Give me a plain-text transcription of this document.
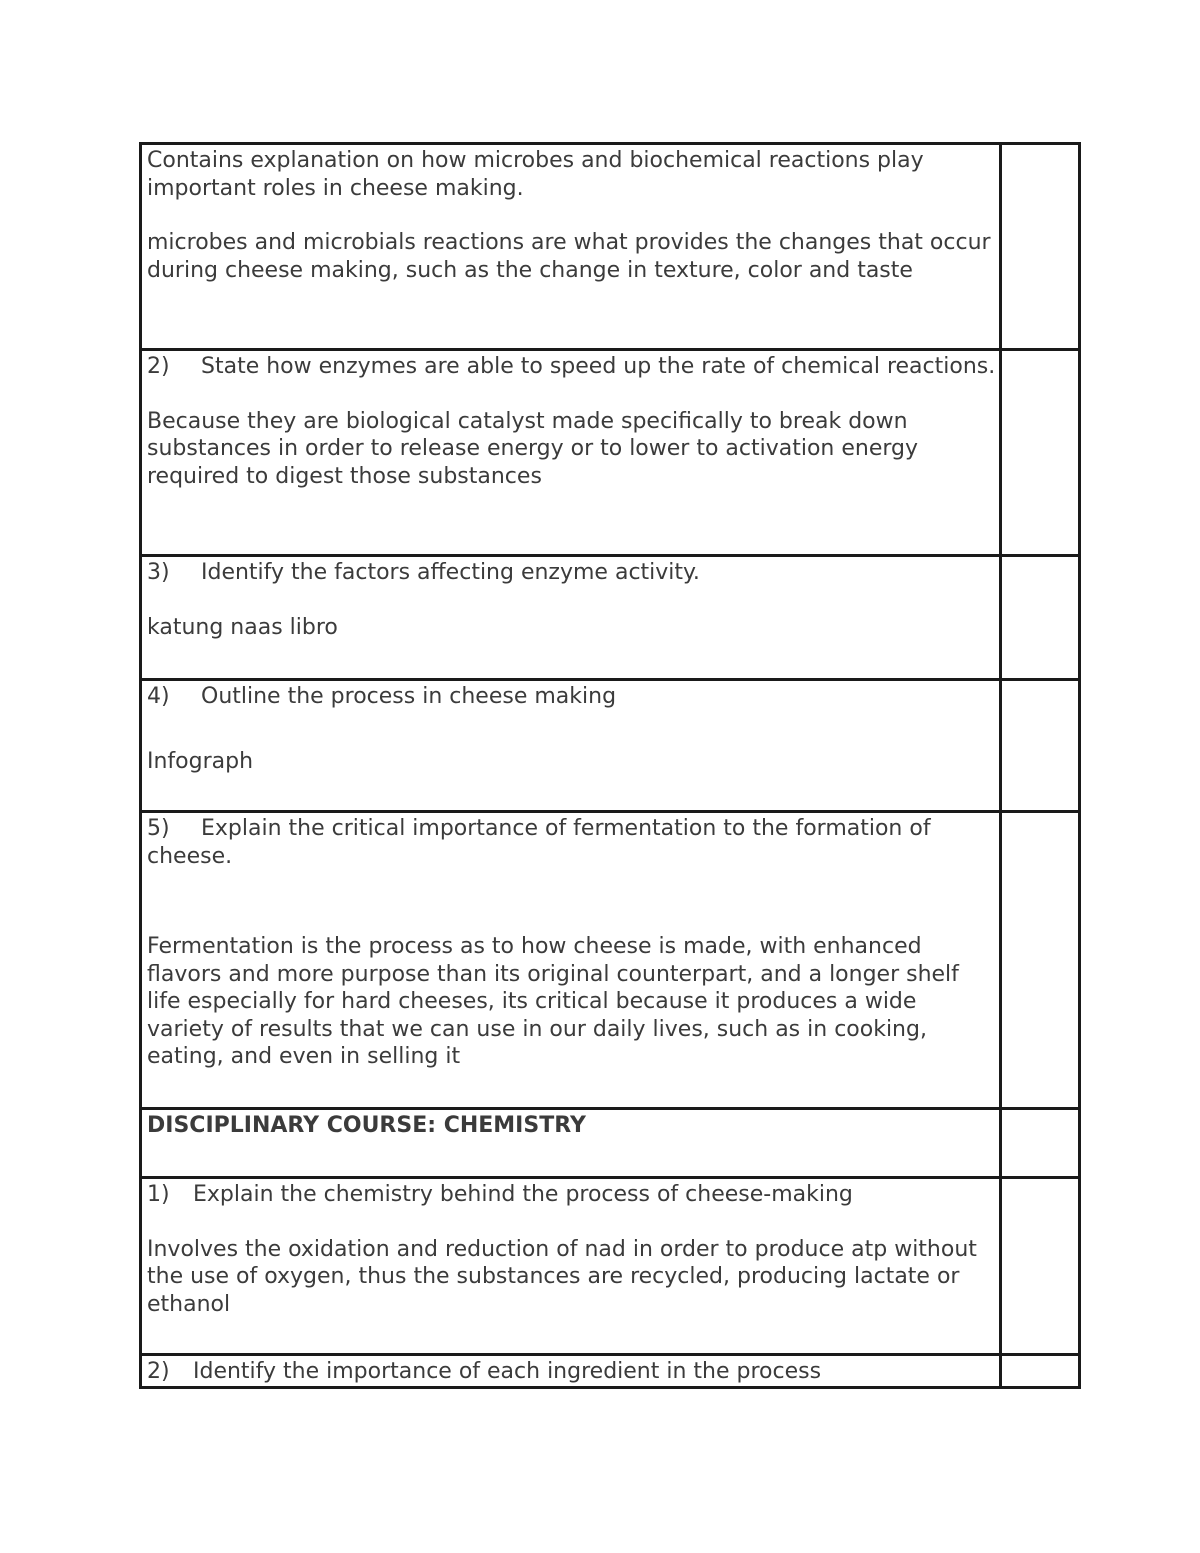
Contains explanation on how microbes and biochemical reactions play important roles in cheese making.

microbes and microbials reactions are what provides the changes that occur during cheese making, such as the change in texture, color and taste	

2) State how enzymes are able to speed up the rate of chemical reactions.

Because they are biological catalyst made specifically to break down substances in order to release energy or to lower to activation energy required to digest those substances	

3) Identify the factors affecting enzyme activity.

katung naas libro	

4) Outline the process in cheese making

Infograph	

5) Explain the critical importance of fermentation to the formation of cheese.

Fermentation is the process as to how cheese is made, with enhanced flavors and more purpose than its original counterpart, and a longer shelf life especially for hard cheeses, its critical because it produces a wide variety of results that we can use in our daily lives, such as in cooking, eating, and even in selling it	

DISCIPLINARY COURSE: CHEMISTRY	

1) Explain the chemistry behind the process of cheese-making

Involves the oxidation and reduction of nad in order to produce atp without the use of oxygen, thus the substances are recycled, producing lactate or ethanol	

2) Identify the importance of each ingredient in the process	
